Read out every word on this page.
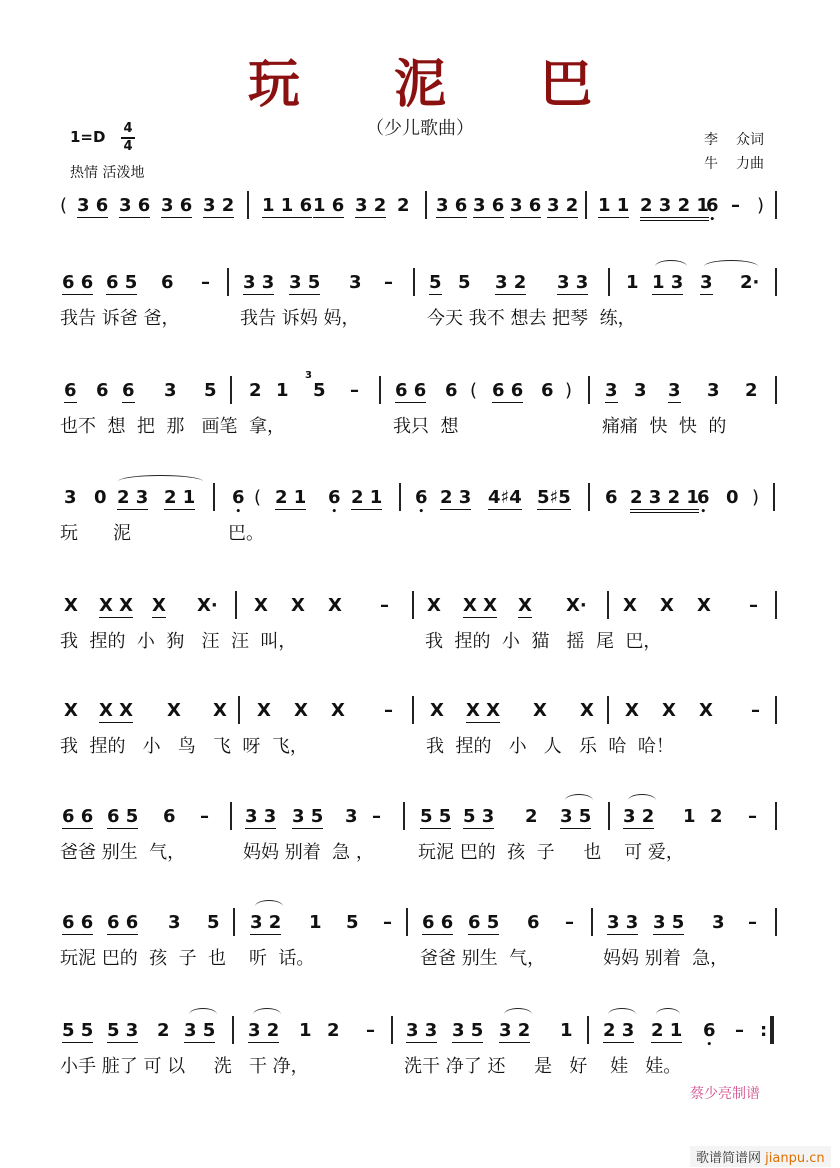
玩 泥 巴
（少儿歌曲）
1=D 4
4
热情 活泼地
李 众词
牛 力曲
( 3 6 3 6 3 6 3 2 1 1 6 1 6 3 2 2 3 6 3 6 3 6 3 2 1 1 2 3 2 1
6 • – )
6 6 6 5 6 – 3 3 3 5 3 – 5 5 3 2 3 3 1 1 3 3 2·
我告 诉爸 爸，	我告 诉妈 妈，	今天 我不 想去 把琴  练，
6 6 6 3 5 2 1
3
5 – 6 6 6 ( 6 6 6 ) 3 3 3 3 2
也不  想  把  那   画笔  拿，	我只  想	痛痛  快  快  的
3 0 2 3 2 1 6 • ( 2 1 6 • 2 1 6 • 2 3 4♯4 5♯5 6 2 3 2 1
6 • 0 )
玩 泥	巴。
X X X X X· X X X – X X X X X· X X X –
我  捏的  小  狗   汪  汪  叫，	我  捏的  小  猫   摇  尾  巴，
X X X X X X X X – X X X X X X X X –
我  捏的   小   鸟   飞  呀  飞，	我  捏的   小   人   乐  哈  哈！
6 6 6 5 6 – 3 3 3 5 3 – 5 5 5 3 2 3 5 3 2 1 2 –
爸爸 别生  气，	妈妈 别着  急 ， 玩泥 巴的  孩  子     也    可 爱，
6 6 6 6 3 5 3 2 1 5 – 6 6 6 5 6 – 3 3 3 5 3 –
玩泥 巴的  孩  子  也    听  话。	爸爸 别生  气，	妈妈 别着  急，
5 5 5 3 2 3 5 3 2 1 2 – 3 3 3 5 3 2 1 2 3 2 1 6 • – :
小手 脏了 可 以     洗   干 净，	洗干 净了 还     是   好    娃   娃。
蔡少亮制谱
歌谱简谱网 jianpu.cn
